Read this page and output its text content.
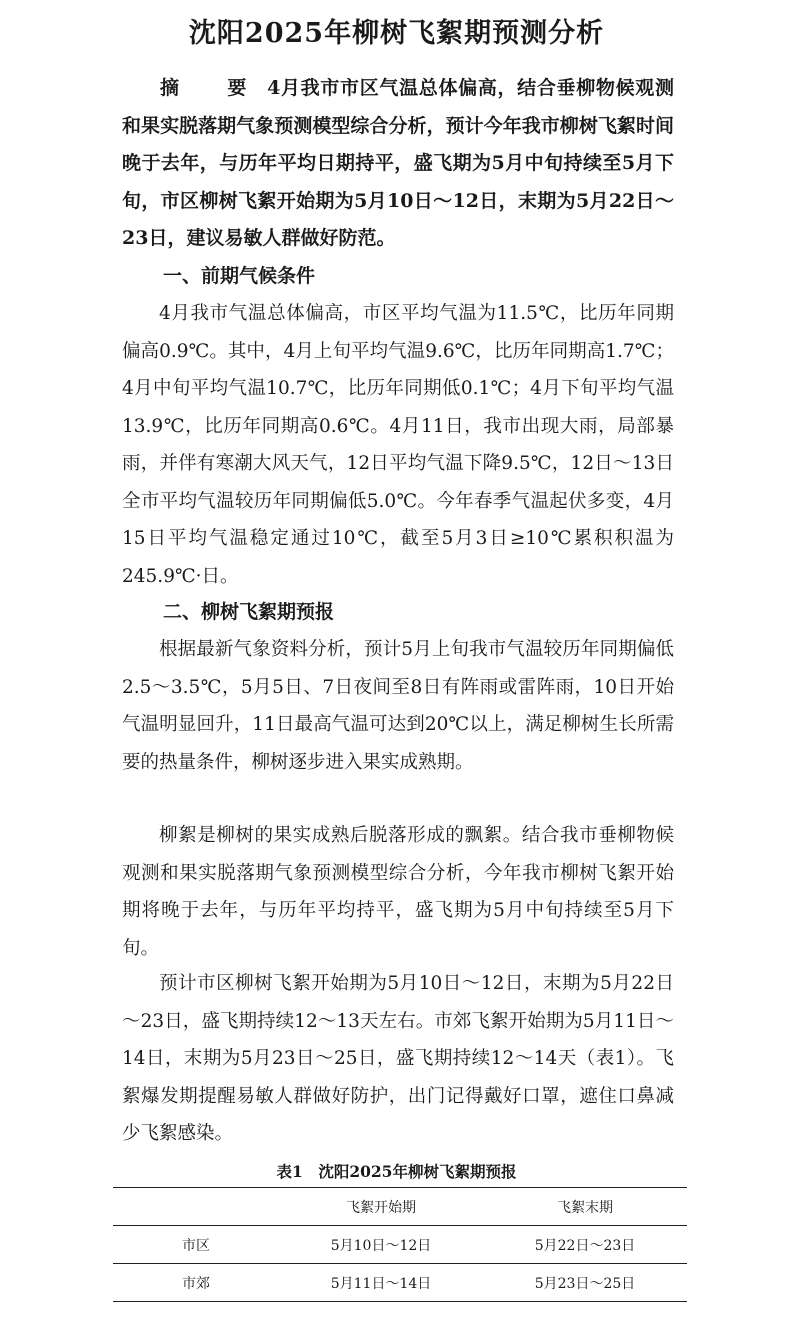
沈阳2025年柳树飞絮期预测分析

摘　要 4月我市市区气温总体偏高，结合垂柳物候观测和果实脱落期气象预测模型综合分析，预计今年我市柳树飞絮时间晚于去年，与历年平均日期持平，盛飞期为5月中旬持续至5月下旬，市区柳树飞絮开始期为5月10日～12日，末期为5月22日～23日，建议易敏人群做好防范。

一、前期气候条件

4月我市气温总体偏高，市区平均气温为11.5℃，比历年同期偏高0.9℃。其中，4月上旬平均气温9.6℃，比历年同期高1.7℃；4月中旬平均气温10.7℃，比历年同期低0.1℃；4月下旬平均气温13.9℃，比历年同期高0.6℃。4月11日，我市出现大雨，局部暴雨，并伴有寒潮大风天气，12日平均气温下降9.5℃，12日～13日全市平均气温较历年同期偏低5.0℃。今年春季气温起伏多变，4月15日平均气温稳定通过10℃，截至5月3日≥10℃累积积温为245.9℃·日。

二、柳树飞絮期预报

根据最新气象资料分析，预计5月上旬我市气温较历年同期偏低2.5～3.5℃，5月5日、7日夜间至8日有阵雨或雷阵雨，10日开始气温明显回升，11日最高气温可达到20℃以上，满足柳树生长所需要的热量条件，柳树逐步进入果实成熟期。

柳絮是柳树的果实成熟后脱落形成的飘絮。结合我市垂柳物候观测和果实脱落期气象预测模型综合分析，今年我市柳树飞絮开始期将晚于去年，与历年平均持平，盛飞期为5月中旬持续至5月下旬。

预计市区柳树飞絮开始期为5月10日～12日，末期为5月22日～23日，盛飞期持续12～13天左右。市郊飞絮开始期为5月11日～14日，末期为5月23日～25日，盛飞期持续12～14天（表1）。飞絮爆发期提醒易敏人群做好防护，出门记得戴好口罩，遮住口鼻减少飞絮感染。

表1　沈阳2025年柳树飞絮期预报

	飞絮开始期	飞絮末期
市区	5月10日～12日	5月22日～23日
市郊	5月11日～14日	5月23日～25日
